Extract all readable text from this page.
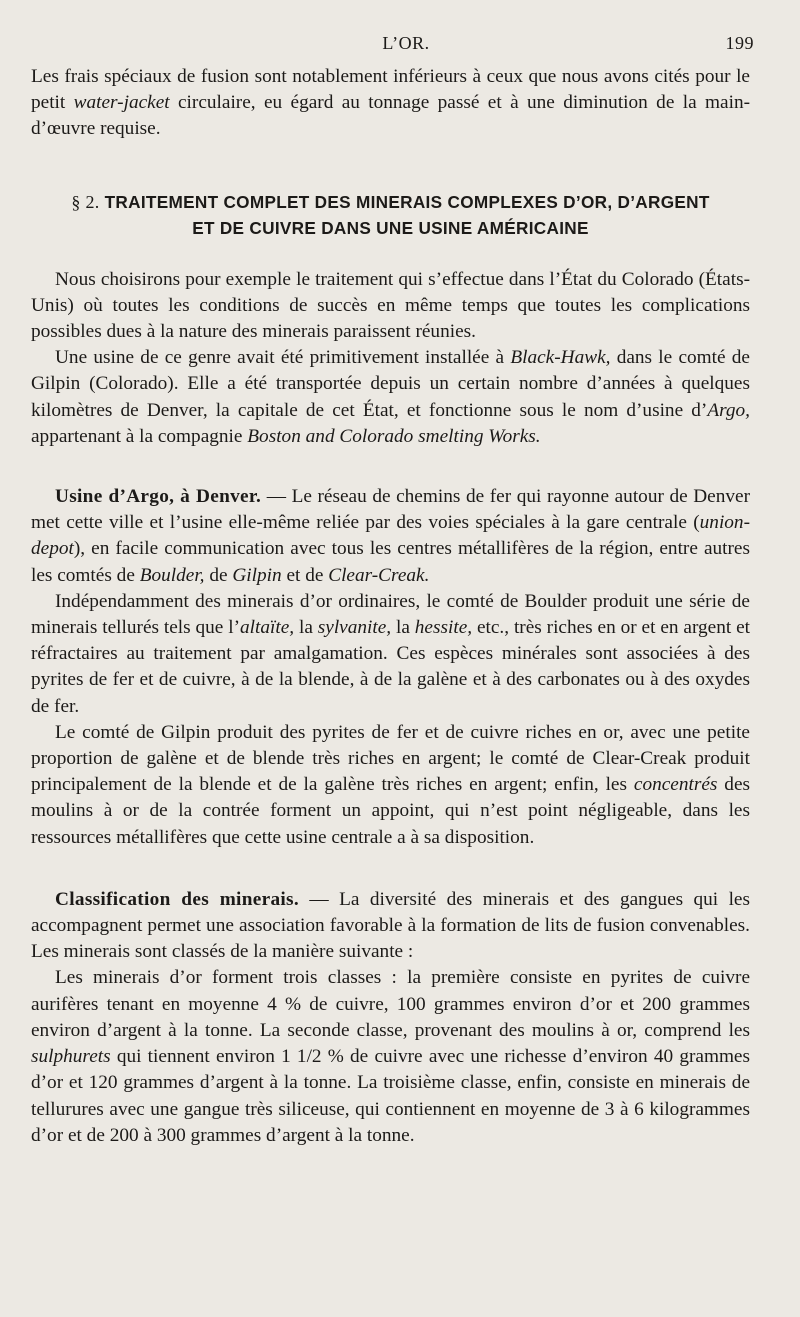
L’OR.	199

Les frais spéciaux de fusion sont notablement inférieurs à ceux que nous avons cités pour le petit water-jacket circulaire, eu égard au tonnage passé et à une diminution de la main-d’œuvre requise.

§ 2. TRAITEMENT COMPLET DES MINERAIS COMPLEXES D’OR, D’ARGENT
ET DE CUIVRE DANS UNE USINE AMÉRICAINE

Nous choisirons pour exemple le traitement qui s’effectue dans l’État du Colorado (États-Unis) où toutes les conditions de succès en même temps que toutes les complications possibles dues à la nature des minerais paraissent réunies.

Une usine de ce genre avait été primitivement installée à Black-Hawk, dans le comté de Gilpin (Colorado). Elle a été transportée depuis un certain nombre d’années à quelques kilomètres de Denver, la capitale de cet État, et fonctionne sous le nom d’usine d’Argo, appartenant à la compagnie Boston and Colorado smelting Works.

Usine d’Argo, à Denver. — Le réseau de chemins de fer qui rayonne autour de Denver met cette ville et l’usine elle-même reliée par des voies spéciales à la gare centrale (union-depot), en facile communication avec tous les centres métallifères de la région, entre autres les comtés de Boulder, de Gilpin et de Clear-Creak.

Indépendamment des minerais d’or ordinaires, le comté de Boulder produit une série de minerais tellurés tels que l’altaïte, la sylvanite, la hessite, etc., très riches en or et en argent et réfractaires au traitement par amalgamation. Ces espèces minérales sont associées à des pyrites de fer et de cuivre, à de la blende, à de la galène et à des carbonates ou à des oxydes de fer.

Le comté de Gilpin produit des pyrites de fer et de cuivre riches en or, avec une petite proportion de galène et de blende très riches en argent; le comté de Clear-Creak produit principalement de la blende et de la galène très riches en argent; enfin, les concentrés des moulins à or de la contrée forment un appoint, qui n’est point négligeable, dans les ressources métallifères que cette usine centrale a à sa disposition.

Classification des minerais. — La diversité des minerais et des gangues qui les accompagnent permet une association favorable à la formation de lits de fusion convenables. Les minerais sont classés de la manière suivante :

Les minerais d’or forment trois classes : la première consiste en pyrites de cuivre aurifères tenant en moyenne 4 % de cuivre, 100 grammes environ d’or et 200 grammes environ d’argent à la tonne. La seconde classe, provenant des moulins à or, comprend les sulphurets qui tiennent environ 1 1/2 % de cuivre avec une richesse d’environ 40 grammes d’or et 120 grammes d’argent à la tonne. La troisième classe, enfin, consiste en minerais de tellurures avec une gangue très siliceuse, qui contiennent en moyenne de 3 à 6 kilogrammes d’or et de 200 à 300 grammes d’argent à la tonne.
